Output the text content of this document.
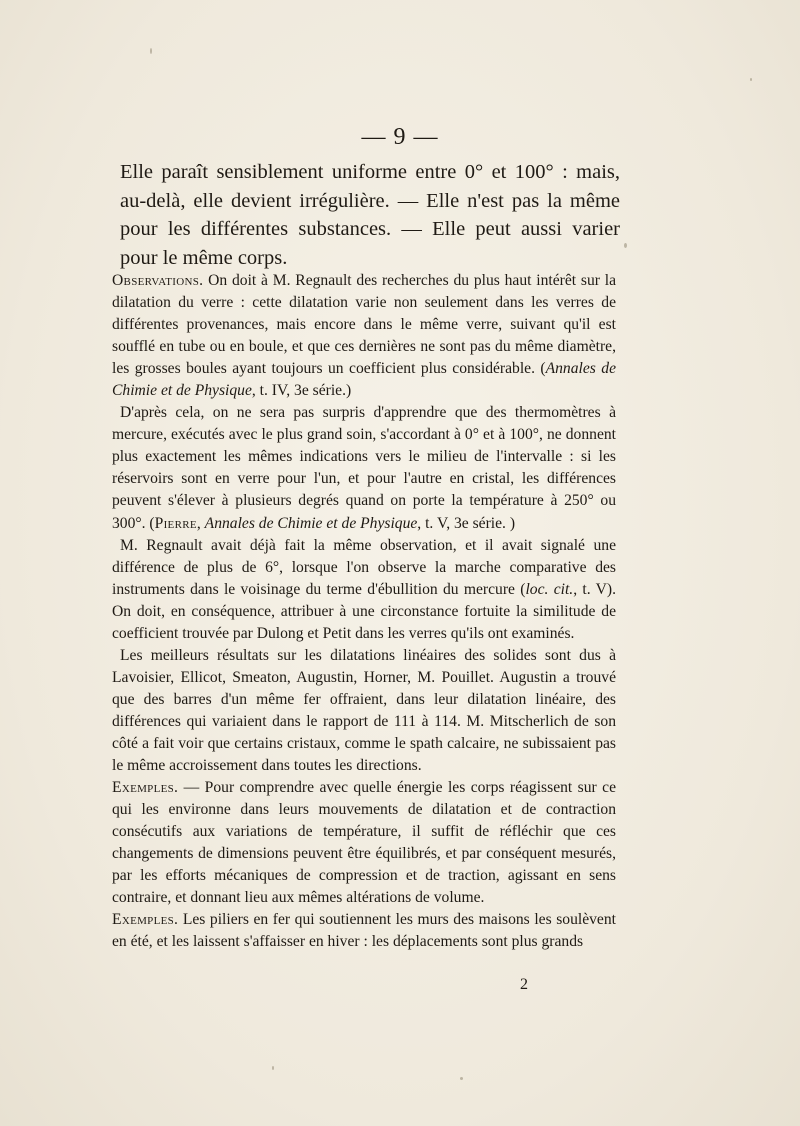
— 9 —

Elle paraît sensiblement uniforme entre 0° et 100° : mais, au-delà, elle devient irrégulière. — Elle n'est pas la même pour les différentes substances. — Elle peut aussi varier pour le même corps.

Observations. On doit à M. Regnault des recherches du plus haut intérêt sur la dilatation du verre : cette dilatation varie non seulement dans les verres de différentes provenances, mais encore dans le même verre, suivant qu'il est soufflé en tube ou en boule, et que ces dernières ne sont pas du même diamètre, les grosses boules ayant toujours un coefficient plus considérable. (Annales de Chimie et de Physique, t. IV, 3e série.)

D'après cela, on ne sera pas surpris d'apprendre que des thermomètres à mercure, exécutés avec le plus grand soin, s'accordant à 0° et à 100°, ne donnent plus exactement les mêmes indications vers le milieu de l'intervalle : si les réservoirs sont en verre pour l'un, et pour l'autre en cristal, les différences peuvent s'élever à plusieurs degrés quand on porte la température à 250° ou 300°. (Pierre, Annales de Chimie et de Physique, t. V, 3e série. )

M. Regnault avait déjà fait la même observation, et il avait signalé une différence de plus de 6°, lorsque l'on observe la marche comparative des instruments dans le voisinage du terme d'ébullition du mercure (loc. cit., t. V). On doit, en conséquence, attribuer à une circonstance fortuite la similitude de coefficient trouvée par Dulong et Petit dans les verres qu'ils ont examinés.

Les meilleurs résultats sur les dilatations linéaires des solides sont dus à Lavoisier, Ellicot, Smeaton, Augustin, Horner, M. Pouillet. Augustin a trouvé que des barres d'un même fer offraient, dans leur dilatation linéaire, des différences qui variaient dans le rapport de 111 à 114. M. Mitscherlich de son côté a fait voir que certains cristaux, comme le spath calcaire, ne subissaient pas le même accroissement dans toutes les directions.

Exemples. — Pour comprendre avec quelle énergie les corps réagissent sur ce qui les environne dans leurs mouvements de dilatation et de contraction consécutifs aux variations de température, il suffit de réfléchir que ces changements de dimensions peuvent être équilibrés, et par conséquent mesurés, par les efforts mécaniques de compression et de traction, agissant en sens contraire, et donnant lieu aux mêmes altérations de volume.

Exemples. Les piliers en fer qui soutiennent les murs des maisons les soulèvent en été, et les laissent s'affaisser en hiver : les déplacements sont plus grands

2
